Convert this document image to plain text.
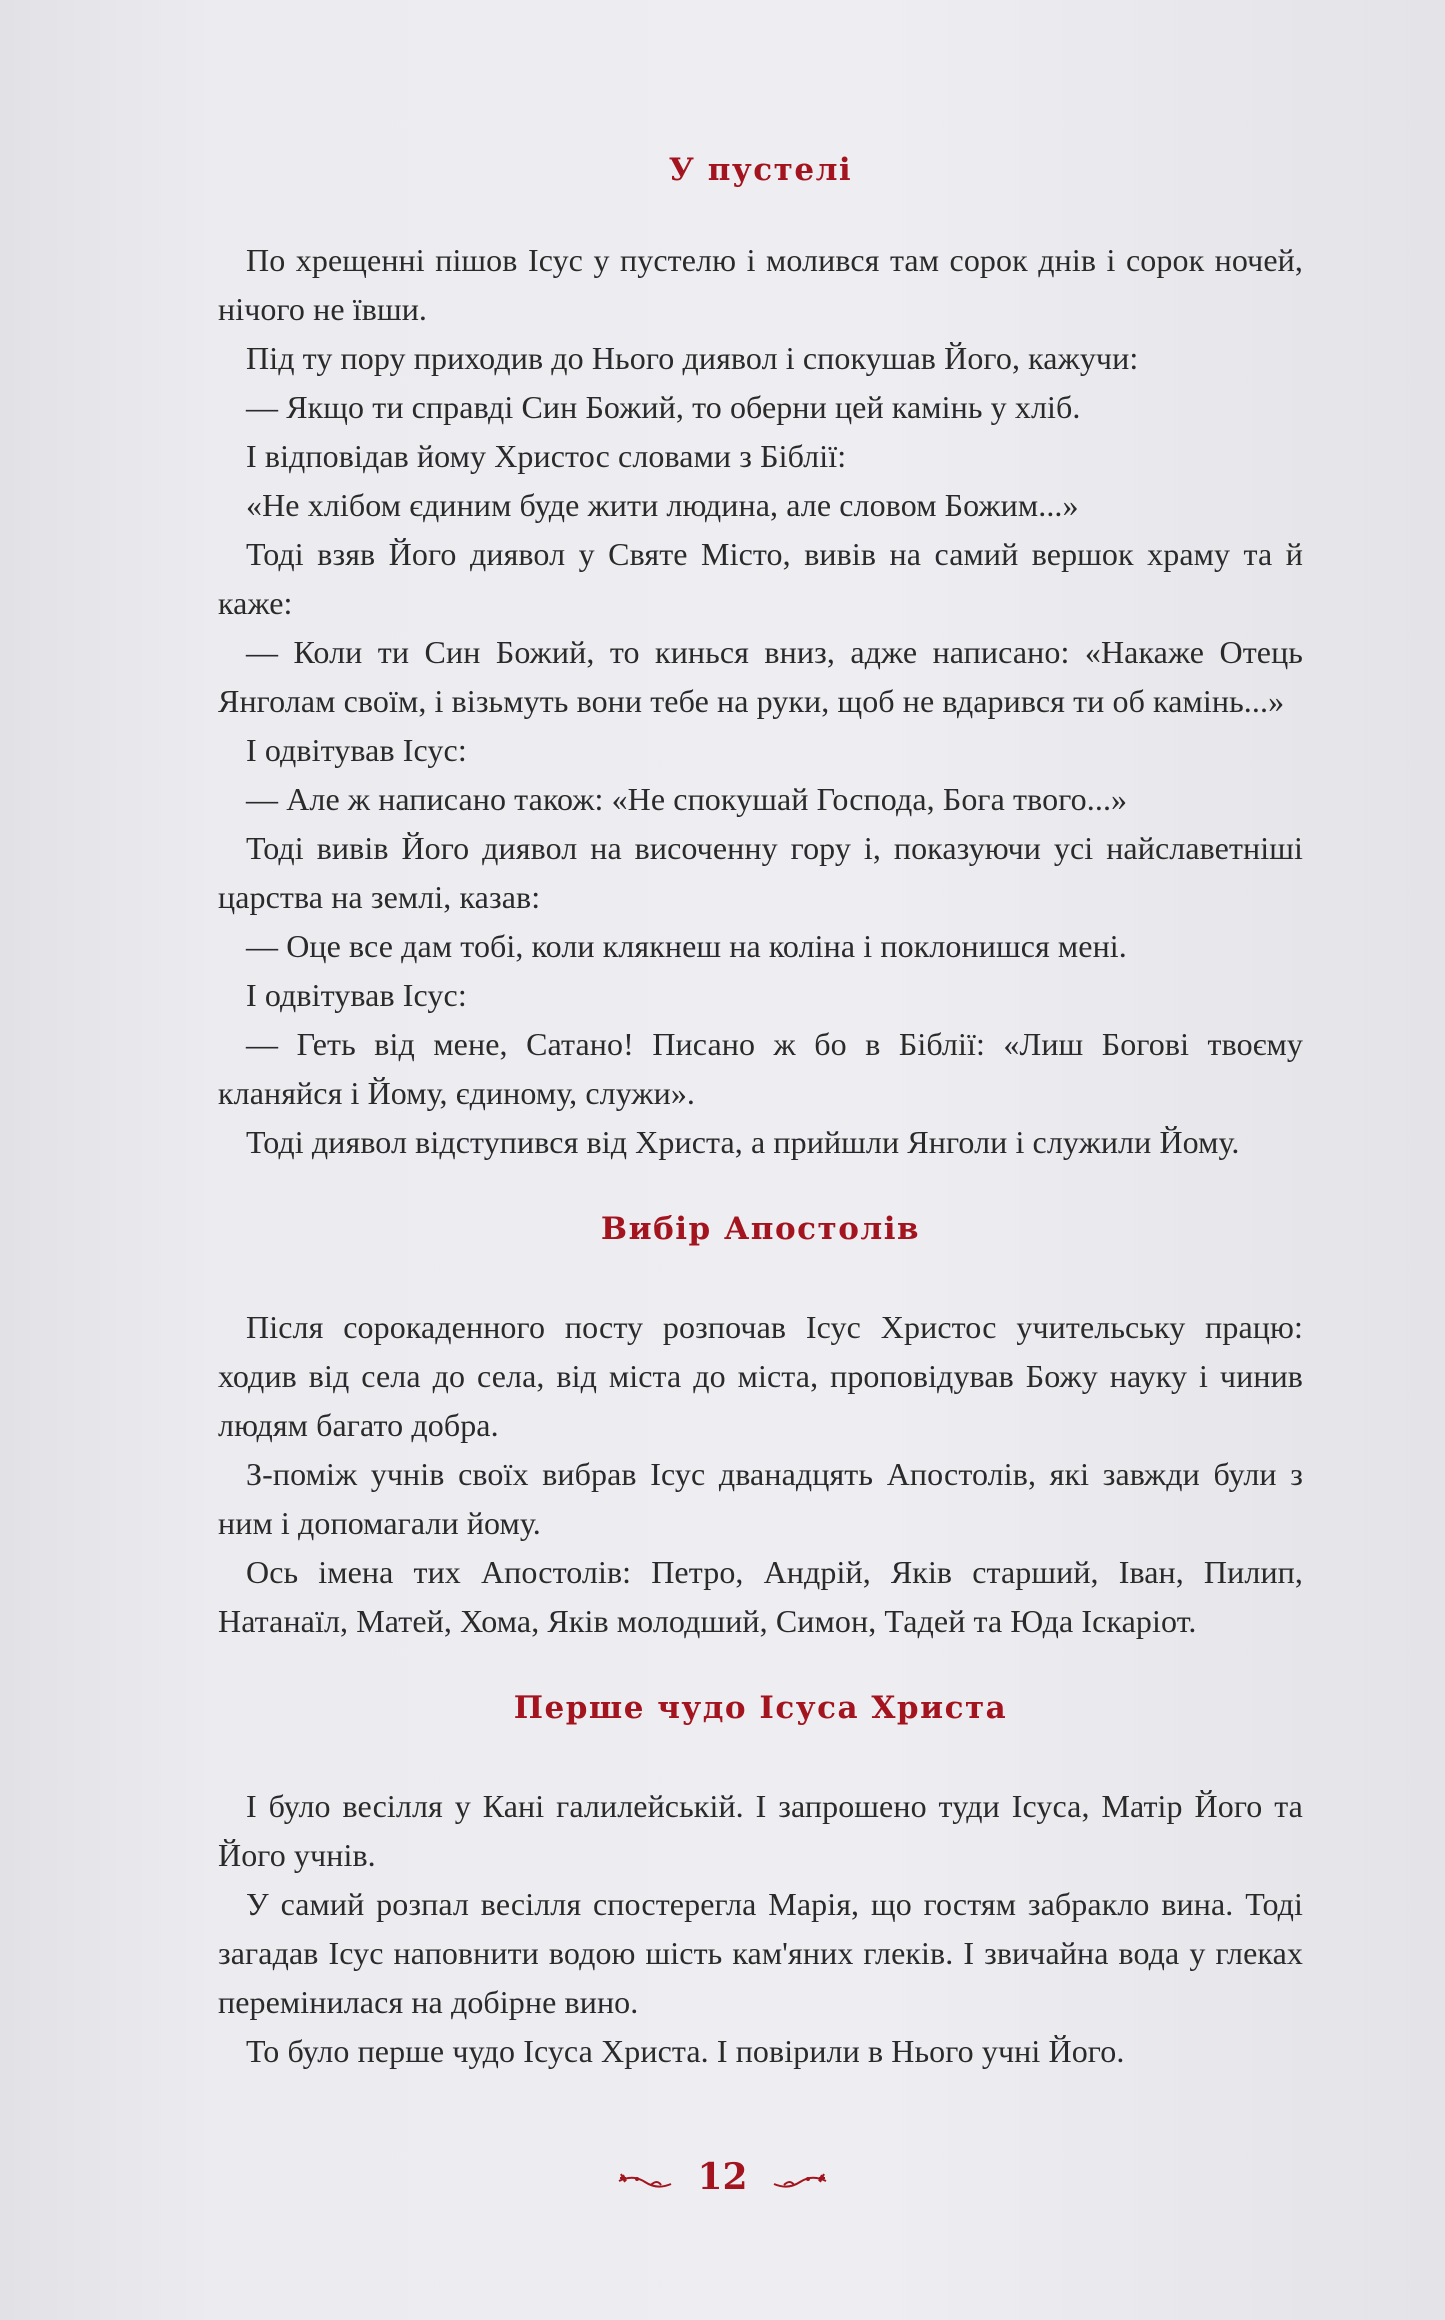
У пустелі

По хрещенні пішов Ісус у пустелю і молився там сорок днів і сорок ночей, нічого не ївши.

Під ту пору приходив до Нього диявол і спокушав Його, кажучи:

— Якщо ти справді Син Божий, то оберни цей камінь у хліб.

І відповідав йому Христос словами з Біблії:

«Не хлібом єдиним буде жити людина, але словом Божим...»

Тоді взяв Його диявол у Святе Місто, вивів на самий вершок храму та й каже:

— Коли ти Син Божий, то кинься вниз, адже написано: «Накаже Отець Янголам своїм, і візьмуть вони тебе на руки, щоб не вдарився ти об камінь...»

І одвітував Ісус:

— Але ж написано також: «Не спокушай Господа, Бога твого...»

Тоді вивів Його диявол на височенну гору і, показуючи усі найславетніші царства на землі, казав:

— Оце все дам тобі, коли клякнеш на коліна і поклонишся мені.

І одвітував Ісус:

— Геть від мене, Сатано! Писано ж бо в Біблії: «Лиш Богові твоєму кланяйся і Йому, єдиному, служи».

Тоді диявол відступився від Христа, а прийшли Янголи і служили Йому.

Вибір Апостолів

Після сорокаденного посту розпочав Ісус Христос учительську працю: ходив від села до села, від міста до міста, проповідував Божу науку і чинив людям багато добра.

З-поміж учнів своїх вибрав Ісус дванадцять Апостолів, які завжди були з ним і допомагали йому.

Ось імена тих Апостолів: Петро, Андрій, Яків старший, Іван, Пилип, Натанаїл, Матей, Хома, Яків молодший, Симон, Тадей та Юда Іскаріот.

Перше чудо Ісуса Христа

І було весілля у Кані галилейській. І запрошено туди Ісуса, Матір Його та Його учнів.

У самий розпал весілля спостерегла Марія, що гостям забракло вина. Тоді загадав Ісус наповнити водою шість кам'яних глеків. І звичайна вода у глеках перемінилася на добірне вино.

То було перше чудо Ісуса Христа. І повірили в Нього учні Його.

12
